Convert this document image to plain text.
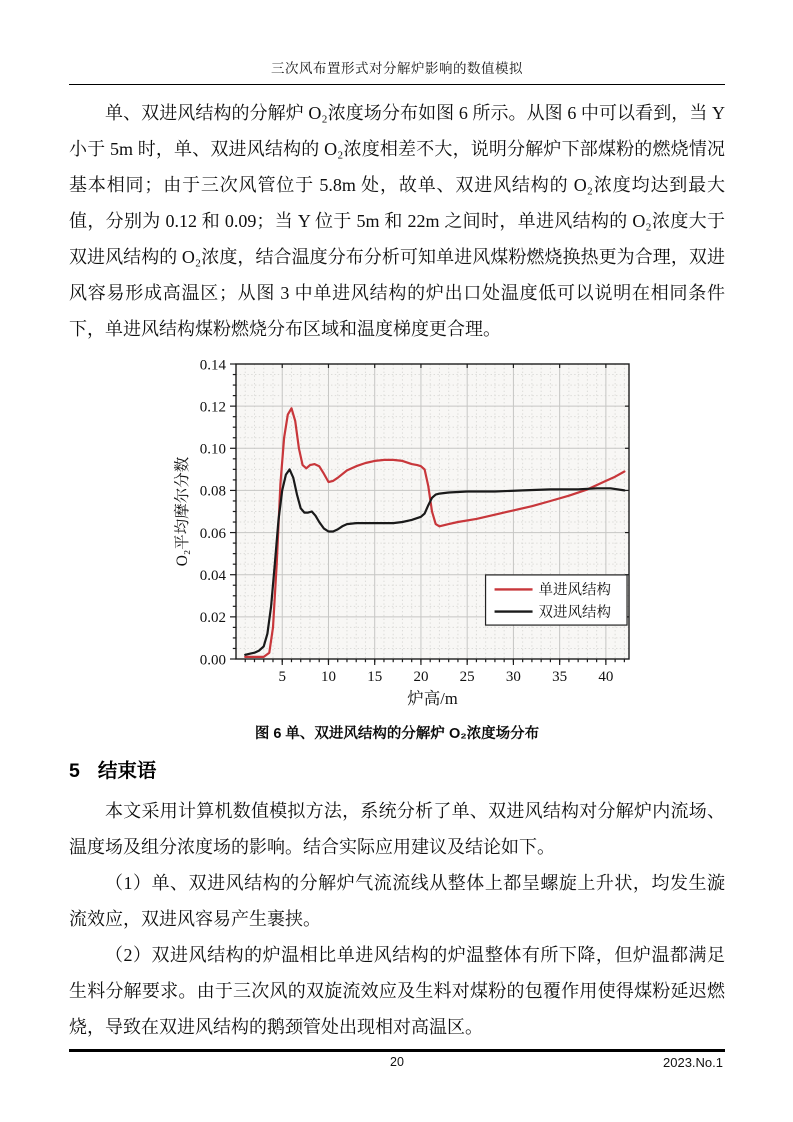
三次风布置形式对分解炉影响的数值模拟

单、双进风结构的分解炉 O₂浓度场分布如图 6 所示。从图 6 中可以看到，当 Y 小于 5m 时，单、双进风结构的 O₂浓度相差不大，说明分解炉下部煤粉的燃烧情况基本相同；由于三次风管位于 5.8m 处，故单、双进风结构的 O₂浓度均达到最大值，分别为 0.12 和 0.09；当 Y 位于 5m 和 22m 之间时，单进风结构的 O₂浓度大于双进风结构的 O₂浓度，结合温度分布分析可知单进风煤粉燃烧换热更为合理，双进风容易形成高温区；从图 3 中单进风结构的炉出口处温度低可以说明在相同条件下，单进风结构煤粉燃烧分布区域和温度梯度更合理。

5 10 15 20 25 30 35 40
0.00
0.02
0.04
0.06
0.08
0.10
0.12
0.14
炉高/m
O₂平均摩尔分数
单进风结构
双进风结构
图 6 单、双进风结构的分解炉 O₂浓度场分布
5 结束语

本文采用计算机数值模拟方法，系统分析了单、双进风结构对分解炉内流场、温度场及组分浓度场的影响。结合实际应用建议及结论如下。

（1）单、双进风结构的分解炉气流流线从整体上都呈螺旋上升状，均发生漩流效应，双进风容易产生裹挟。

（2）双进风结构的炉温相比单进风结构的炉温整体有所下降，但炉温都满足生料分解要求。由于三次风的双旋流效应及生料对煤粉的包覆作用使得煤粉延迟燃烧，导致在双进风结构的鹅颈管处出现相对高温区。

20	2023.No.1
